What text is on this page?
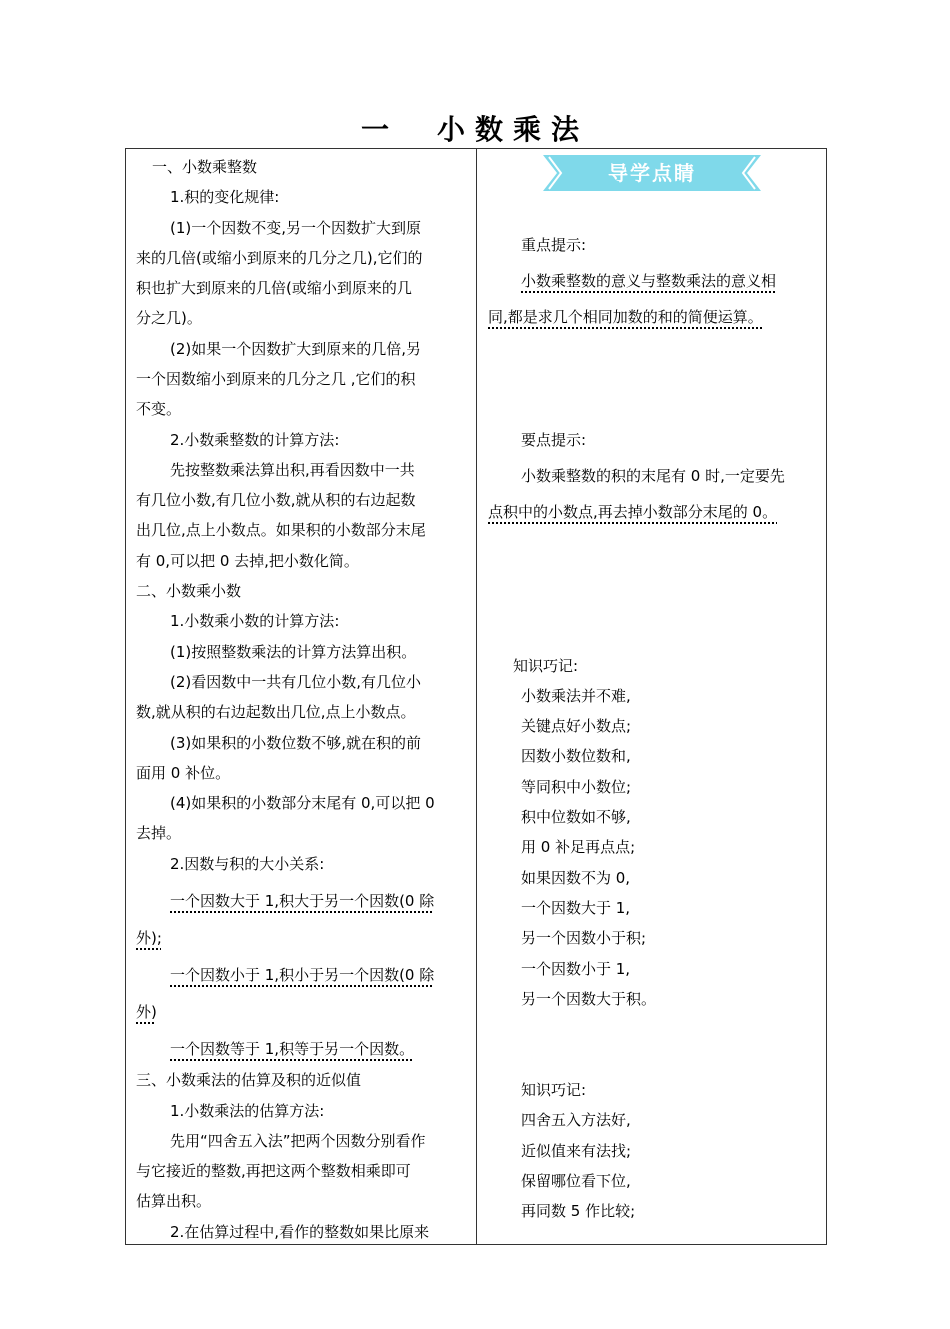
一　小数乘法
一、小数乘整数
1.积的变化规律:
(1)一个因数不变,另一个因数扩大到原
来的几倍(或缩小到原来的几分之几),它们的
积也扩大到原来的几倍(或缩小到原来的几
分之几)。
(2)如果一个因数扩大到原来的几倍,另
一个因数缩小到原来的几分之几 ,它们的积
不变。
2.小数乘整数的计算方法:
先按整数乘法算出积,再看因数中一共
有几位小数,有几位小数,就从积的右边起数
出几位,点上小数点。如果积的小数部分末尾
有 0,可以把 0 去掉,把小数化简。
二、小数乘小数
1.小数乘小数的计算方法:
(1)按照整数乘法的计算方法算出积。
(2)看因数中一共有几位小数,有几位小
数,就从积的右边起数出几位,点上小数点。
(3)如果积的小数位数不够,就在积的前
面用 0 补位。
(4)如果积的小数部分末尾有 0,可以把 0
去掉。
2.因数与积的大小关系:
一个因数大于 1,积大于另一个因数(0 除
外);
一个因数小于 1,积小于另一个因数(0 除
外)
一个因数等于 1,积等于另一个因数。
三、小数乘法的估算及积的近似值
1.小数乘法的估算方法:
先用“四舍五入法”把两个因数分别看作
与它接近的整数,再把这两个整数相乘即可
估算出积。
2.在估算过程中,看作的整数如果比原来
导学点睛
重点提示:
小数乘整数的意义与整数乘法的意义相
同,都是求几个相同加数的和的简便运算。
要点提示:
小数乘整数的积的末尾有 0 时,一定要先
点积中的小数点,再去掉小数部分末尾的 0。
知识巧记:
小数乘法并不难,
关键点好小数点;
因数小数位数和,
等同积中小数位;
积中位数如不够,
用 0 补足再点点;
如果因数不为 0,
一个因数大于 1,
另一个因数小于积;
一个因数小于 1,
另一个因数大于积。
知识巧记:
四舍五入方法好,
近似值来有法找;
保留哪位看下位,
再同数 5 作比较;
